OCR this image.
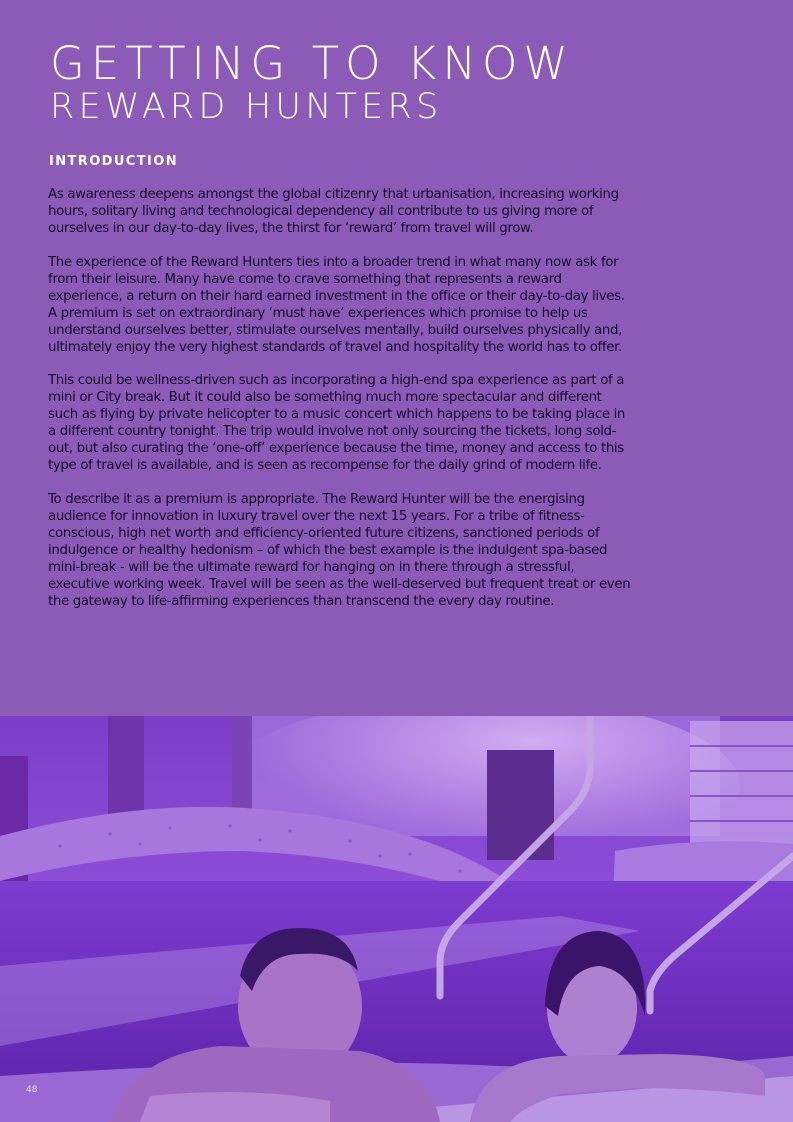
GETTING TO KNOW
REWARD HUNTERS
INTRODUCTION

As awareness deepens amongst the global citizenry that urbanisation, increasing working hours, solitary living and technological dependency all contribute to us giving more of ourselves in our day-to-day lives, the thirst for ‘reward’ from travel will grow.

The experience of the Reward Hunters ties into a broader trend in what many now ask for from their leisure. Many have come to crave something that represents a reward experience, a return on their hard earned investment in the office or their day-to-day lives. A premium is set on extraordinary ‘must have’ experiences which promise to help us understand ourselves better, stimulate ourselves mentally, build ourselves physically and, ultimately enjoy the very highest standards of travel and hospitality the world has to offer.

This could be wellness-driven such as incorporating a high-end spa experience as part of a mini or City break. But it could also be something much more spectacular and different such as flying by private helicopter to a music concert which happens to be taking place in a different country tonight. The trip would involve not only sourcing the tickets, long sold-out, but also curating the ‘one-off’ experience because the time, money and access to this type of travel is available, and is seen as recompense for the daily grind of modern life.

To describe it as a premium is appropriate. The Reward Hunter will be the energising audience for innovation in luxury travel over the next 15 years. For a tribe of fitness-conscious, high net worth and efficiency-oriented future citizens, sanctioned periods of indulgence or healthy hedonism – of which the best example is the indulgent spa-based mini-break - will be the ultimate reward for hanging on in there through a stressful, executive working week. Travel will be seen as the well-deserved but frequent treat or even the gateway to life-affirming experiences than transcend the every day routine.

48
